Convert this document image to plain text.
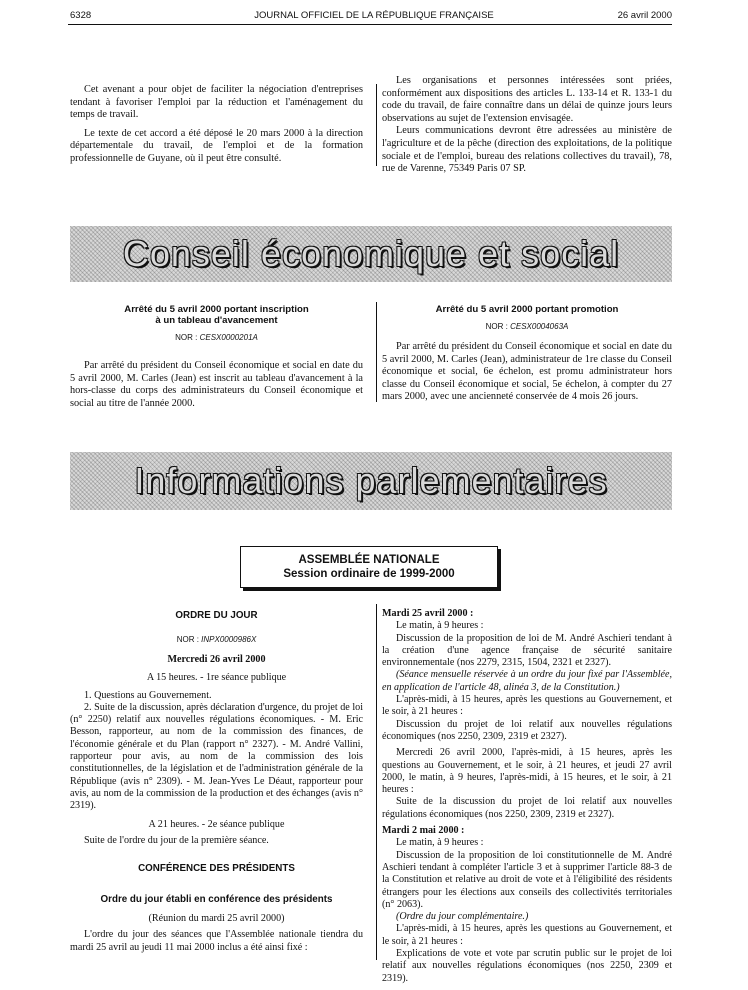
6328	JOURNAL OFFICIEL DE LA RÉPUBLIQUE FRANÇAISE	26 avril 2000

Cet avenant a pour objet de faciliter la négociation d'entreprises tendant à favoriser l'emploi par la réduction et l'aménagement du temps de travail.

Le texte de cet accord a été déposé le 20 mars 2000 à la direction départementale du travail, de l'emploi et de la formation professionnelle de Guyane, où il peut être consulté.

Les organisations et personnes intéressées sont priées, conformément aux dispositions des articles L. 133-14 et R. 133-1 du code du travail, de faire connaître dans un délai de quinze jours leurs observations au sujet de l'extension envisagée.

Leurs communications devront être adressées au ministère de l'agriculture et de la pêche (direction des exploitations, de la politique sociale et de l'emploi, bureau des relations collectives du travail), 78, rue de Varenne, 75349 Paris 07 SP.

Conseil économique et social
Arrêté du 5 avril 2000 portant inscription
à un tableau d'avancement
NOR : CESX0000201A

Par arrêté du président du Conseil économique et social en date du 5 avril 2000, M. Carles (Jean) est inscrit au tableau d'avancement à la hors-classe du corps des administrateurs du Conseil économique et social au titre de l'année 2000.

Arrêté du 5 avril 2000 portant promotion
NOR : CESX0004063A

Par arrêté du président du Conseil économique et social en date du 5 avril 2000, M. Carles (Jean), administrateur de 1re classe du Conseil économique et social, 6e échelon, est promu administrateur hors classe du Conseil économique et social, 5e échelon, à compter du 27 mars 2000, avec une ancienneté conservée de 4 mois 26 jours.

Informations parlementaires
ASSEMBLÉE NATIONALE
Session ordinaire de 1999-2000
ORDRE DU JOUR
NOR : INPX0000986X
Mercredi 26 avril 2000
A 15 heures. - 1re séance publique

1. Questions au Gouvernement.

2. Suite de la discussion, après déclaration d'urgence, du projet de loi (n° 2250) relatif aux nouvelles régulations économiques. - M. Eric Besson, rapporteur, au nom de la commission des finances, de l'économie générale et du Plan (rapport n° 2327). - M. André Vallini, rapporteur pour avis, au nom de la commission des lois constitutionnelles, de la législation et de l'administration générale de la République (avis n° 2309). - M. Jean-Yves Le Déaut, rapporteur pour avis, au nom de la commission de la production et des échanges (avis n° 2319).

A 21 heures. - 2e séance publique

Suite de l'ordre du jour de la première séance.

CONFÉRENCE DES PRÉSIDENTS
Ordre du jour établi en conférence des présidents
(Réunion du mardi 25 avril 2000)

L'ordre du jour des séances que l'Assemblée nationale tiendra du mardi 25 avril au jeudi 11 mai 2000 inclus a été ainsi fixé :

Mardi 25 avril 2000 :

Le matin, à 9 heures :

Discussion de la proposition de loi de M. André Aschieri tendant à la création d'une agence française de sécurité sanitaire environnementale (nos 2279, 2315, 1504, 2321 et 2327).

(Séance mensuelle réservée à un ordre du jour fixé par l'Assemblée, en application de l'article 48, alinéa 3, de la Constitution.)

L'après-midi, à 15 heures, après les questions au Gouvernement, et le soir, à 21 heures :

Discussion du projet de loi relatif aux nouvelles régulations économiques (nos 2250, 2309, 2319 et 2327).

Mercredi 26 avril 2000, l'après-midi, à 15 heures, après les questions au Gouvernement, et le soir, à 21 heures, et jeudi 27 avril 2000, le matin, à 9 heures, l'après-midi, à 15 heures, et le soir, à 21 heures :

Suite de la discussion du projet de loi relatif aux nouvelles régulations économiques (nos 2250, 2309, 2319 et 2327).

Mardi 2 mai 2000 :

Le matin, à 9 heures :

Discussion de la proposition de loi constitutionnelle de M. André Aschieri tendant à compléter l'article 3 et à supprimer l'article 88-3 de la Constitution et relative au droit de vote et à l'éligibilité des résidents étrangers pour les élections aux conseils des collectivités territoriales (n° 2063).

(Ordre du jour complémentaire.)

L'après-midi, à 15 heures, après les questions au Gouvernement, et le soir, à 21 heures :

Explications de vote et vote par scrutin public sur le projet de loi relatif aux nouvelles régulations économiques (nos 2250, 2309 et 2319).
